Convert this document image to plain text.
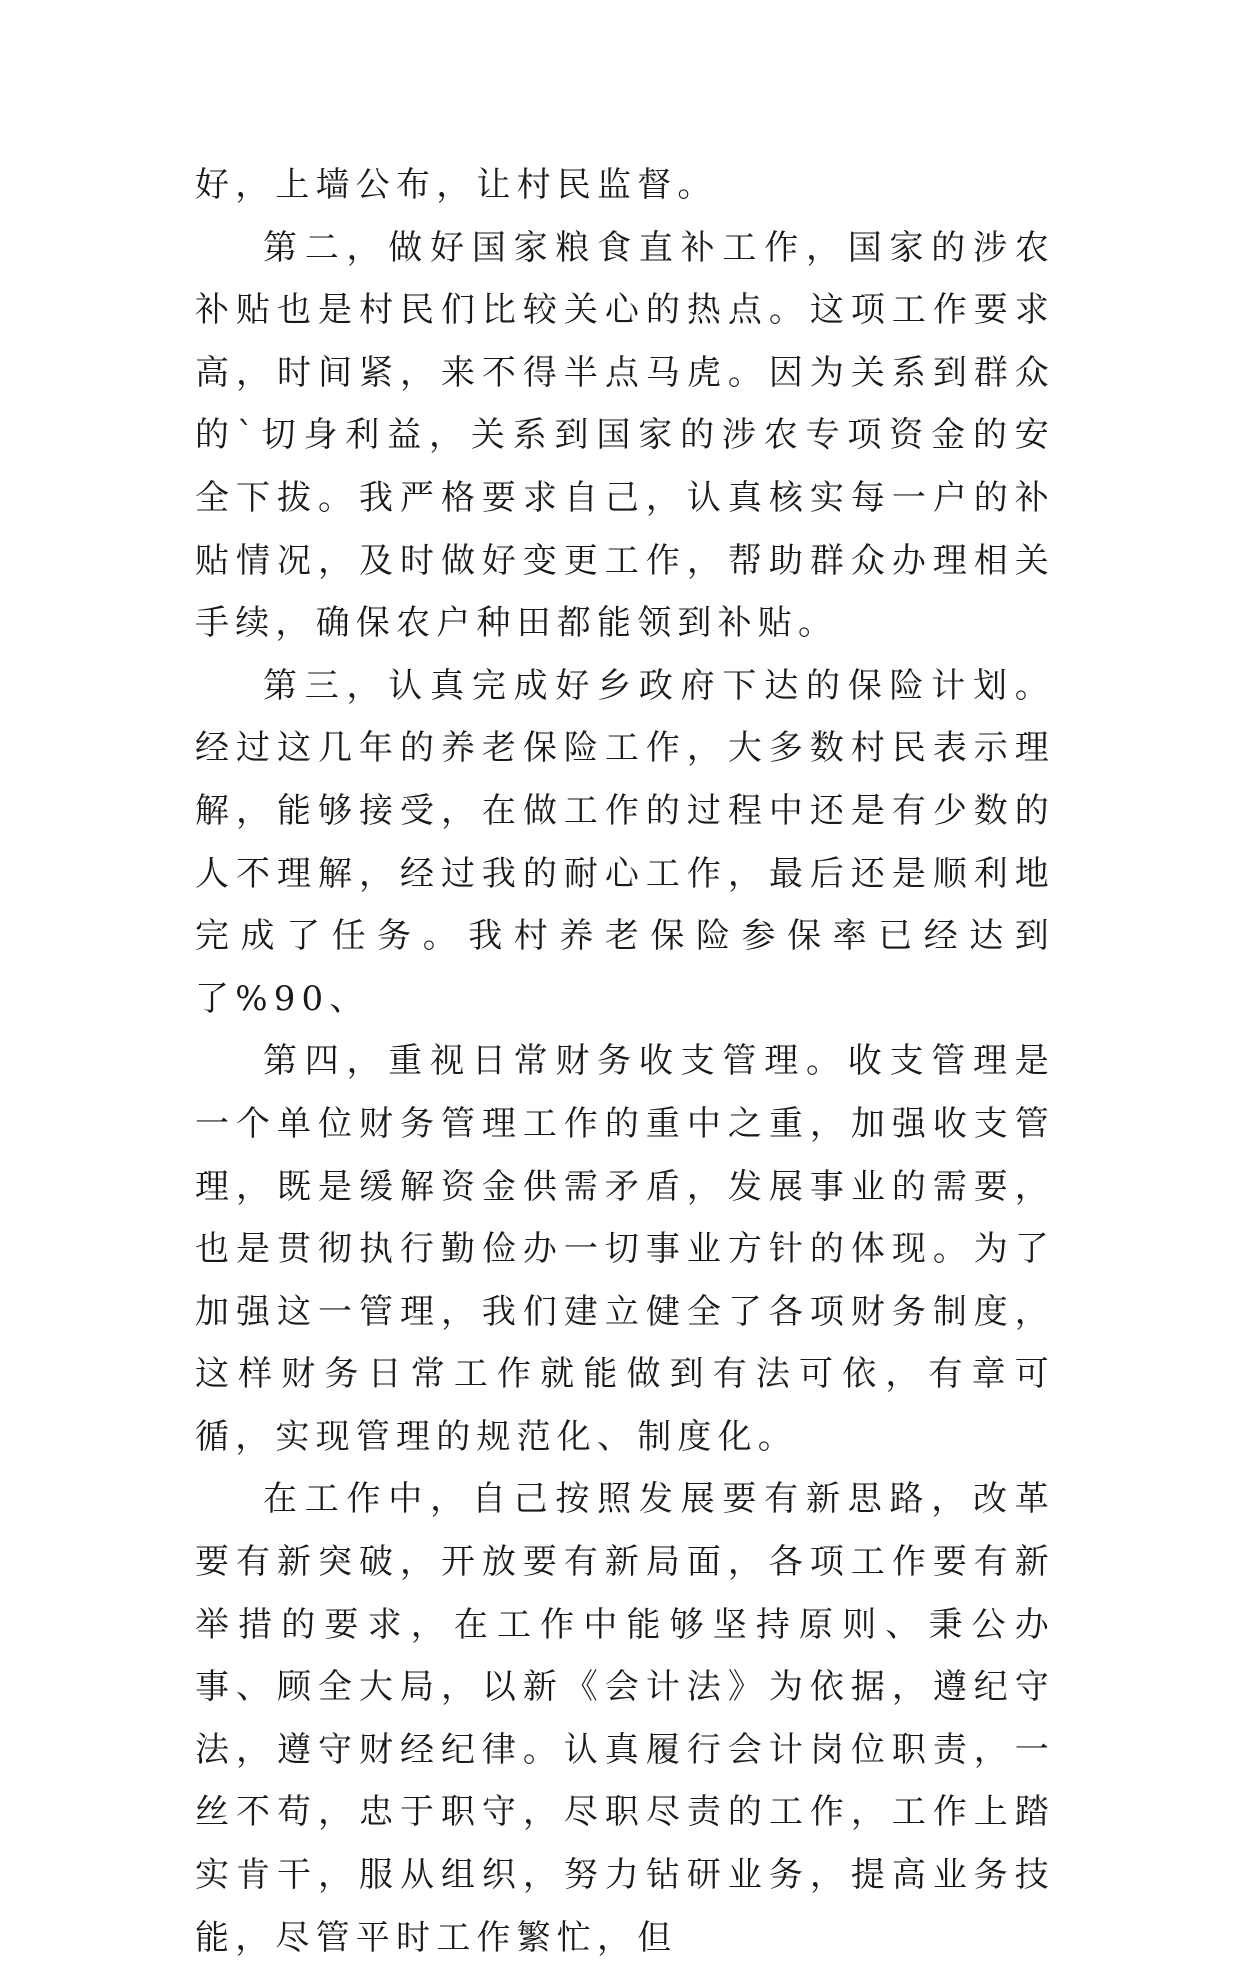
好，上墙公布，让村民监督。

第二，做好国家粮食直补工作，国家的涉农补贴也是村民们比较关心的热点。这项工作要求高，时间紧，来不得半点马虎。因为关系到群众的`切身利益，关系到国家的涉农专项资金的安全下拔。我严格要求自己，认真核实每一户的补贴情况，及时做好变更工作，帮助群众办理相关手续，确保农户种田都能领到补贴。

第三，认真完成好乡政府下达的保险计划。经过这几年的养老保险工作，大多数村民表示理解，能够接受，在做工作的过程中还是有少数的人不理解，经过我的耐心工作，最后还是顺利地完成了任务。我村养老保险参保率已经达到了%90、

第四，重视日常财务收支管理。收支管理是一个单位财务管理工作的重中之重，加强收支管理，既是缓解资金供需矛盾，发展事业的需要，也是贯彻执行勤俭办一切事业方针的体现。为了加强这一管理，我们建立健全了各项财务制度，这样财务日常工作就能做到有法可依，有章可循，实现管理的规范化、制度化。

在工作中，自己按照发展要有新思路，改革要有新突破，开放要有新局面，各项工作要有新举措的要求，在工作中能够坚持原则、秉公办事、顾全大局，以新《会计法》为依据，遵纪守法，遵守财经纪律。认真履行会计岗位职责，一丝不苟，忠于职守，尽职尽责的工作，工作上踏实肯干，服从组织，努力钻研业务，提高业务技能，尽管平时工作繁忙，但
